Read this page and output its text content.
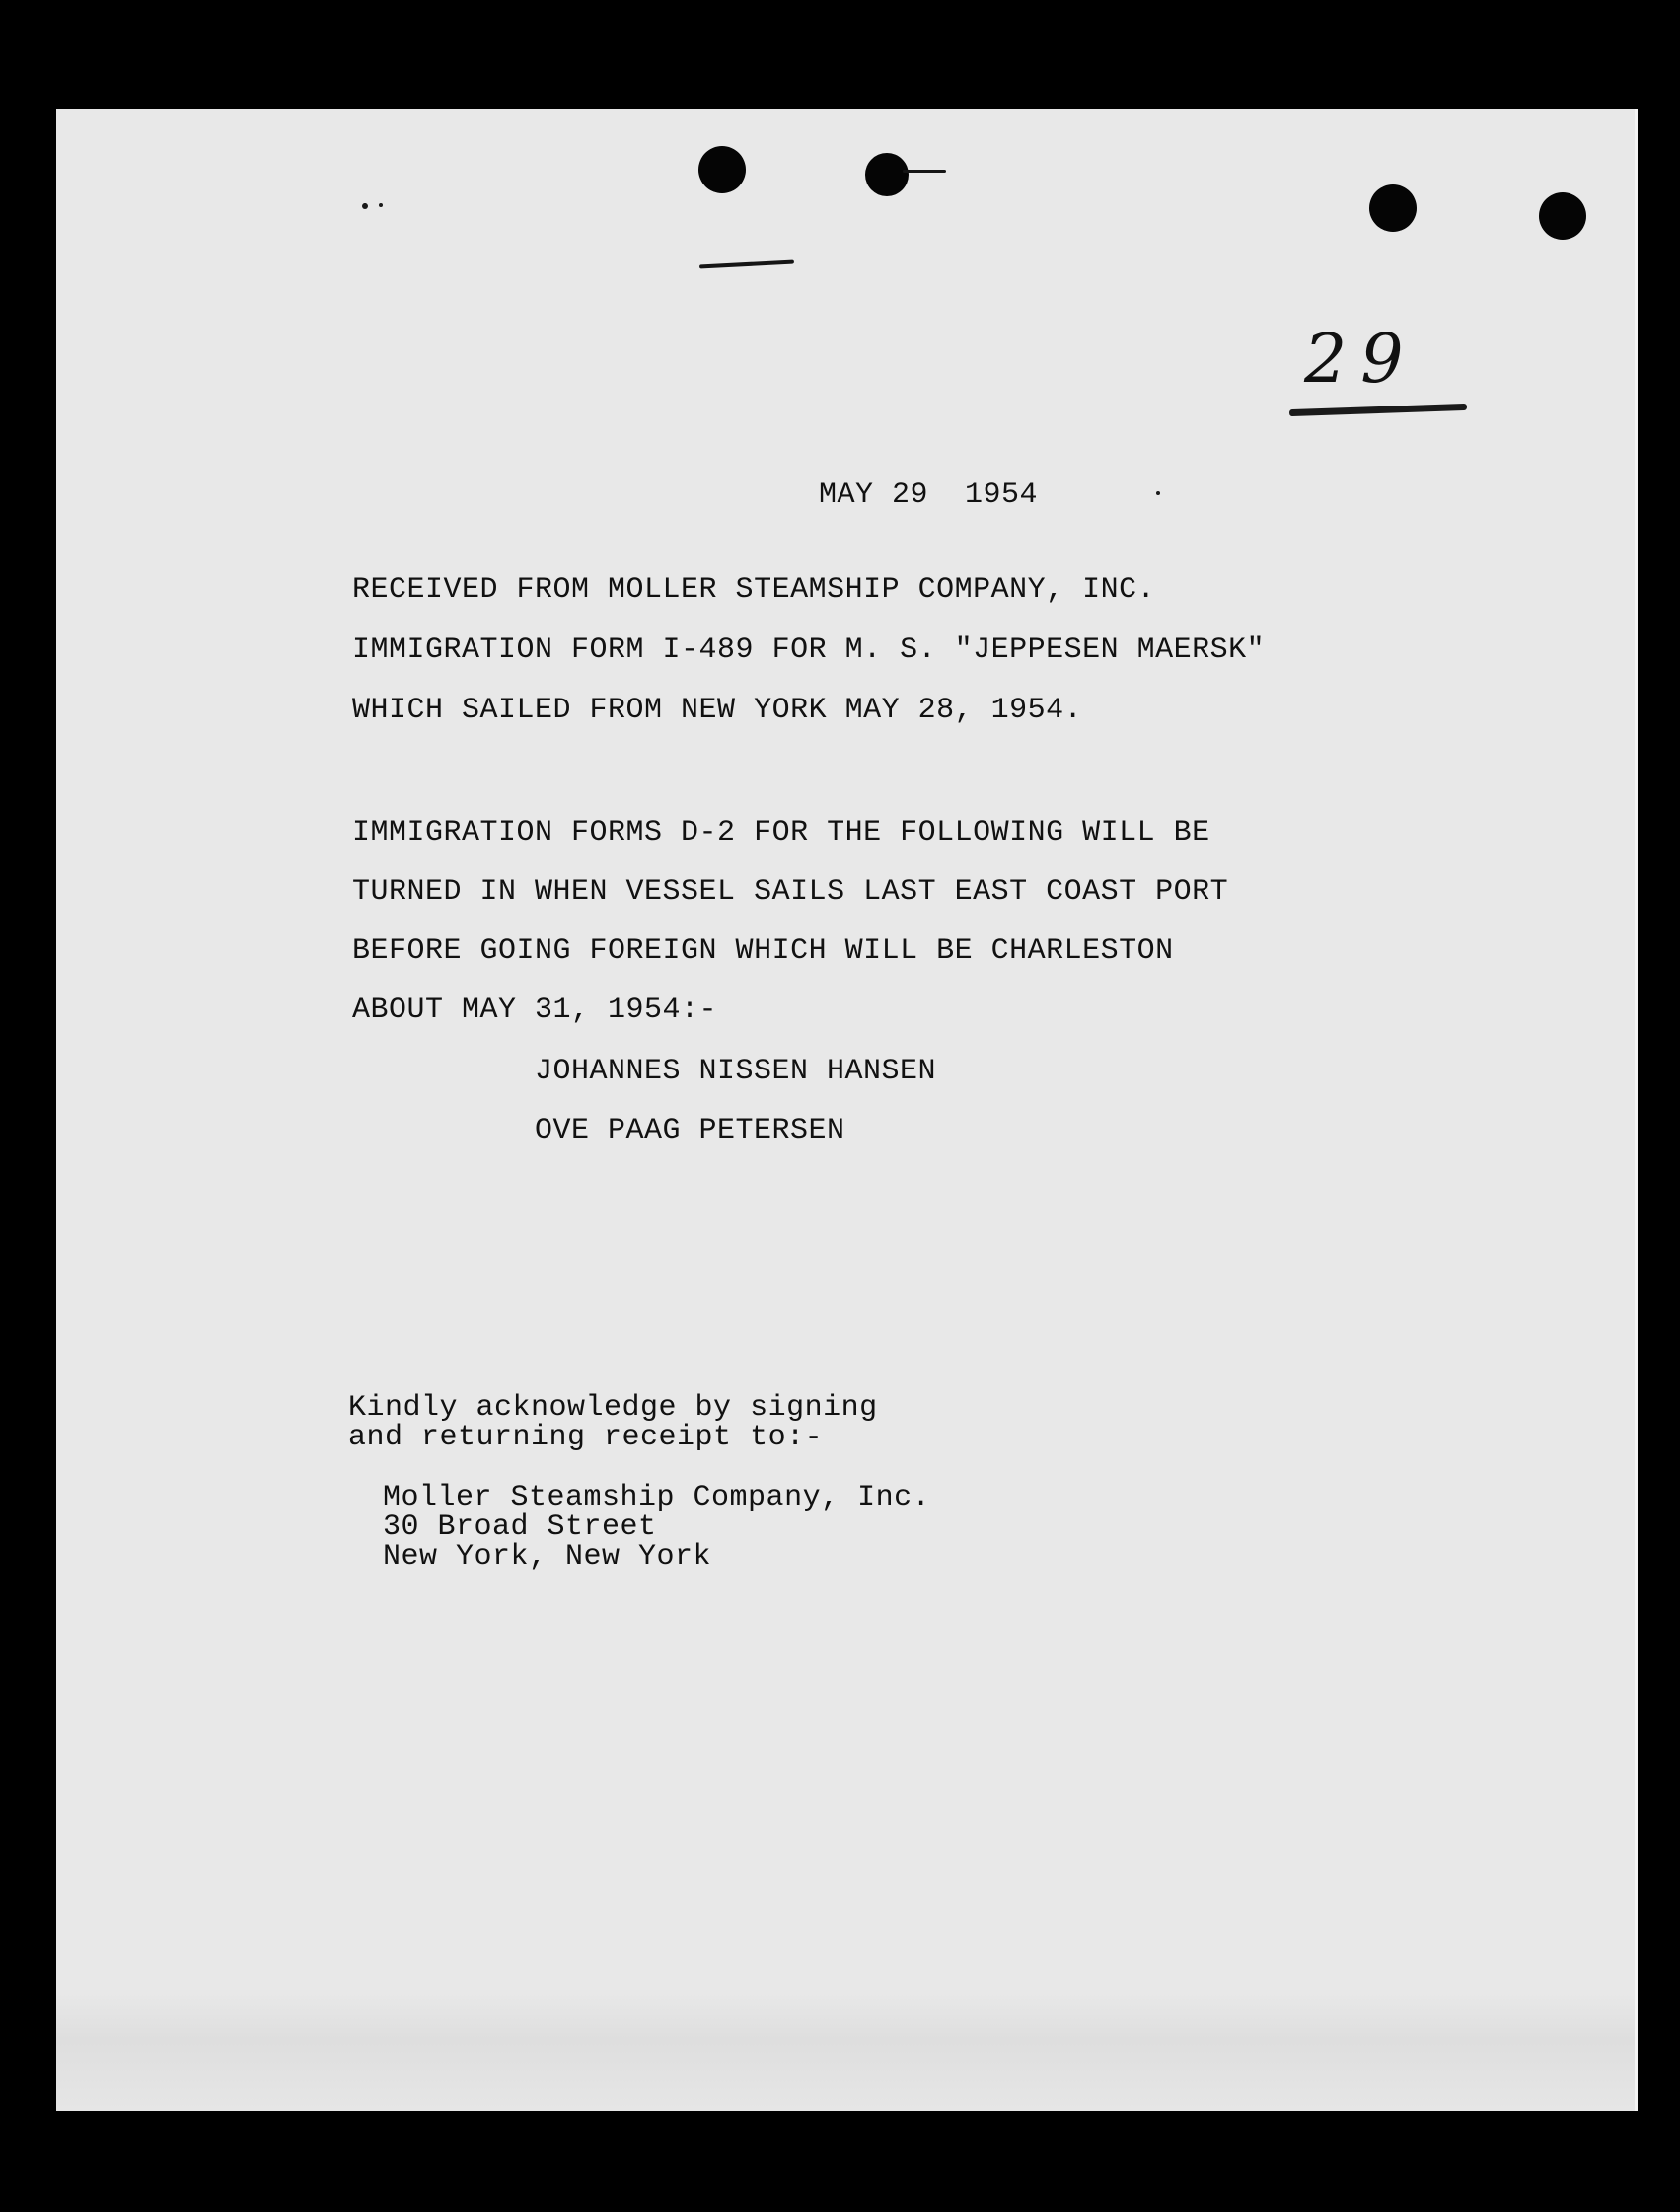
29
MAY 29  1954
RECEIVED FROM MOLLER STEAMSHIP COMPANY, INC.
IMMIGRATION FORM I-489 FOR M. S. "JEPPESEN MAERSK"
WHICH SAILED FROM NEW YORK MAY 28, 1954.
IMMIGRATION FORMS D-2 FOR THE FOLLOWING WILL BE
TURNED IN WHEN VESSEL SAILS LAST EAST COAST PORT
BEFORE GOING FOREIGN WHICH WILL BE CHARLESTON
ABOUT MAY 31, 1954:-
JOHANNES NISSEN HANSEN
OVE PAAG PETERSEN
Kindly acknowledge by signing
and returning receipt to:-
Moller Steamship Company, Inc.
30 Broad Street
New York, New York
